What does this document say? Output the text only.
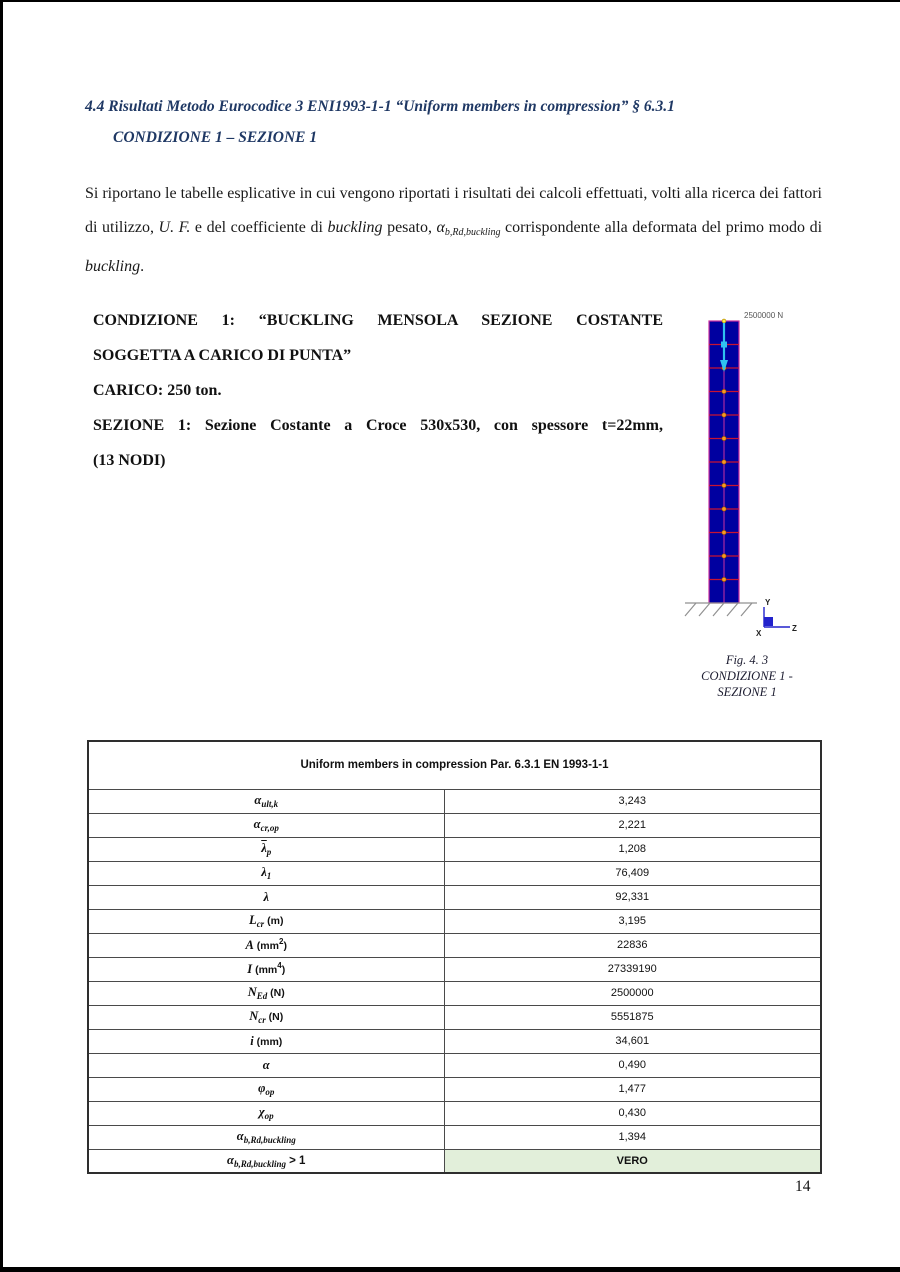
4.4 Risultati Metodo Eurocodice 3 ENI1993-1-1 “Uniform members in compression” § 6.3.1
CONDIZIONE 1 – SEZIONE 1

Si riportano le tabelle esplicative in cui vengono riportati i risultati dei calcoli effettuati, volti alla ricerca dei fattori di utilizzo, U. F. e del coefficiente di buckling pesato, $\alpha_{b,Rd,buckling}$ corrispondente alla deformata del primo modo di buckling.

CONDIZIONE 1: “BUCKLING MENSOLA SEZIONE COSTANTE
SOGGETTA A CARICO DI PUNTA”
CARICO: 250 ton.
SEZIONE 1: Sezione Costante a Croce 530x530, con spessore t=22mm,
(13 NODI)
2500000 N
Y
Z
X
Fig. 4. 3
CONDIZIONE 1 -
SEZIONE 1
Uniform members in compression Par. 6.3.1 EN 1993-1-1	
$\alpha_{ult,k}$	3,243
$\alpha_{cr,op}$	2,221
$\overline{\lambda}_p$	1,208
$\lambda_1$	76,409
λ	92,331
$L_{cr}$ (m)	3,195
A $(mm^2)$	22836
I $(mm^4)$	27339190
$N_{Ed}$ (N)	2500000
$N_{cr}$ (N)	5551875
i (mm)	34,601
α	0,490
$\varphi_{op}$	1,477
$\chi_{op}$	0,430
$\alpha_{b,Rd,buckling}$	1,394
$\alpha_{b,Rd,buckling} > 1$	VERO
14
